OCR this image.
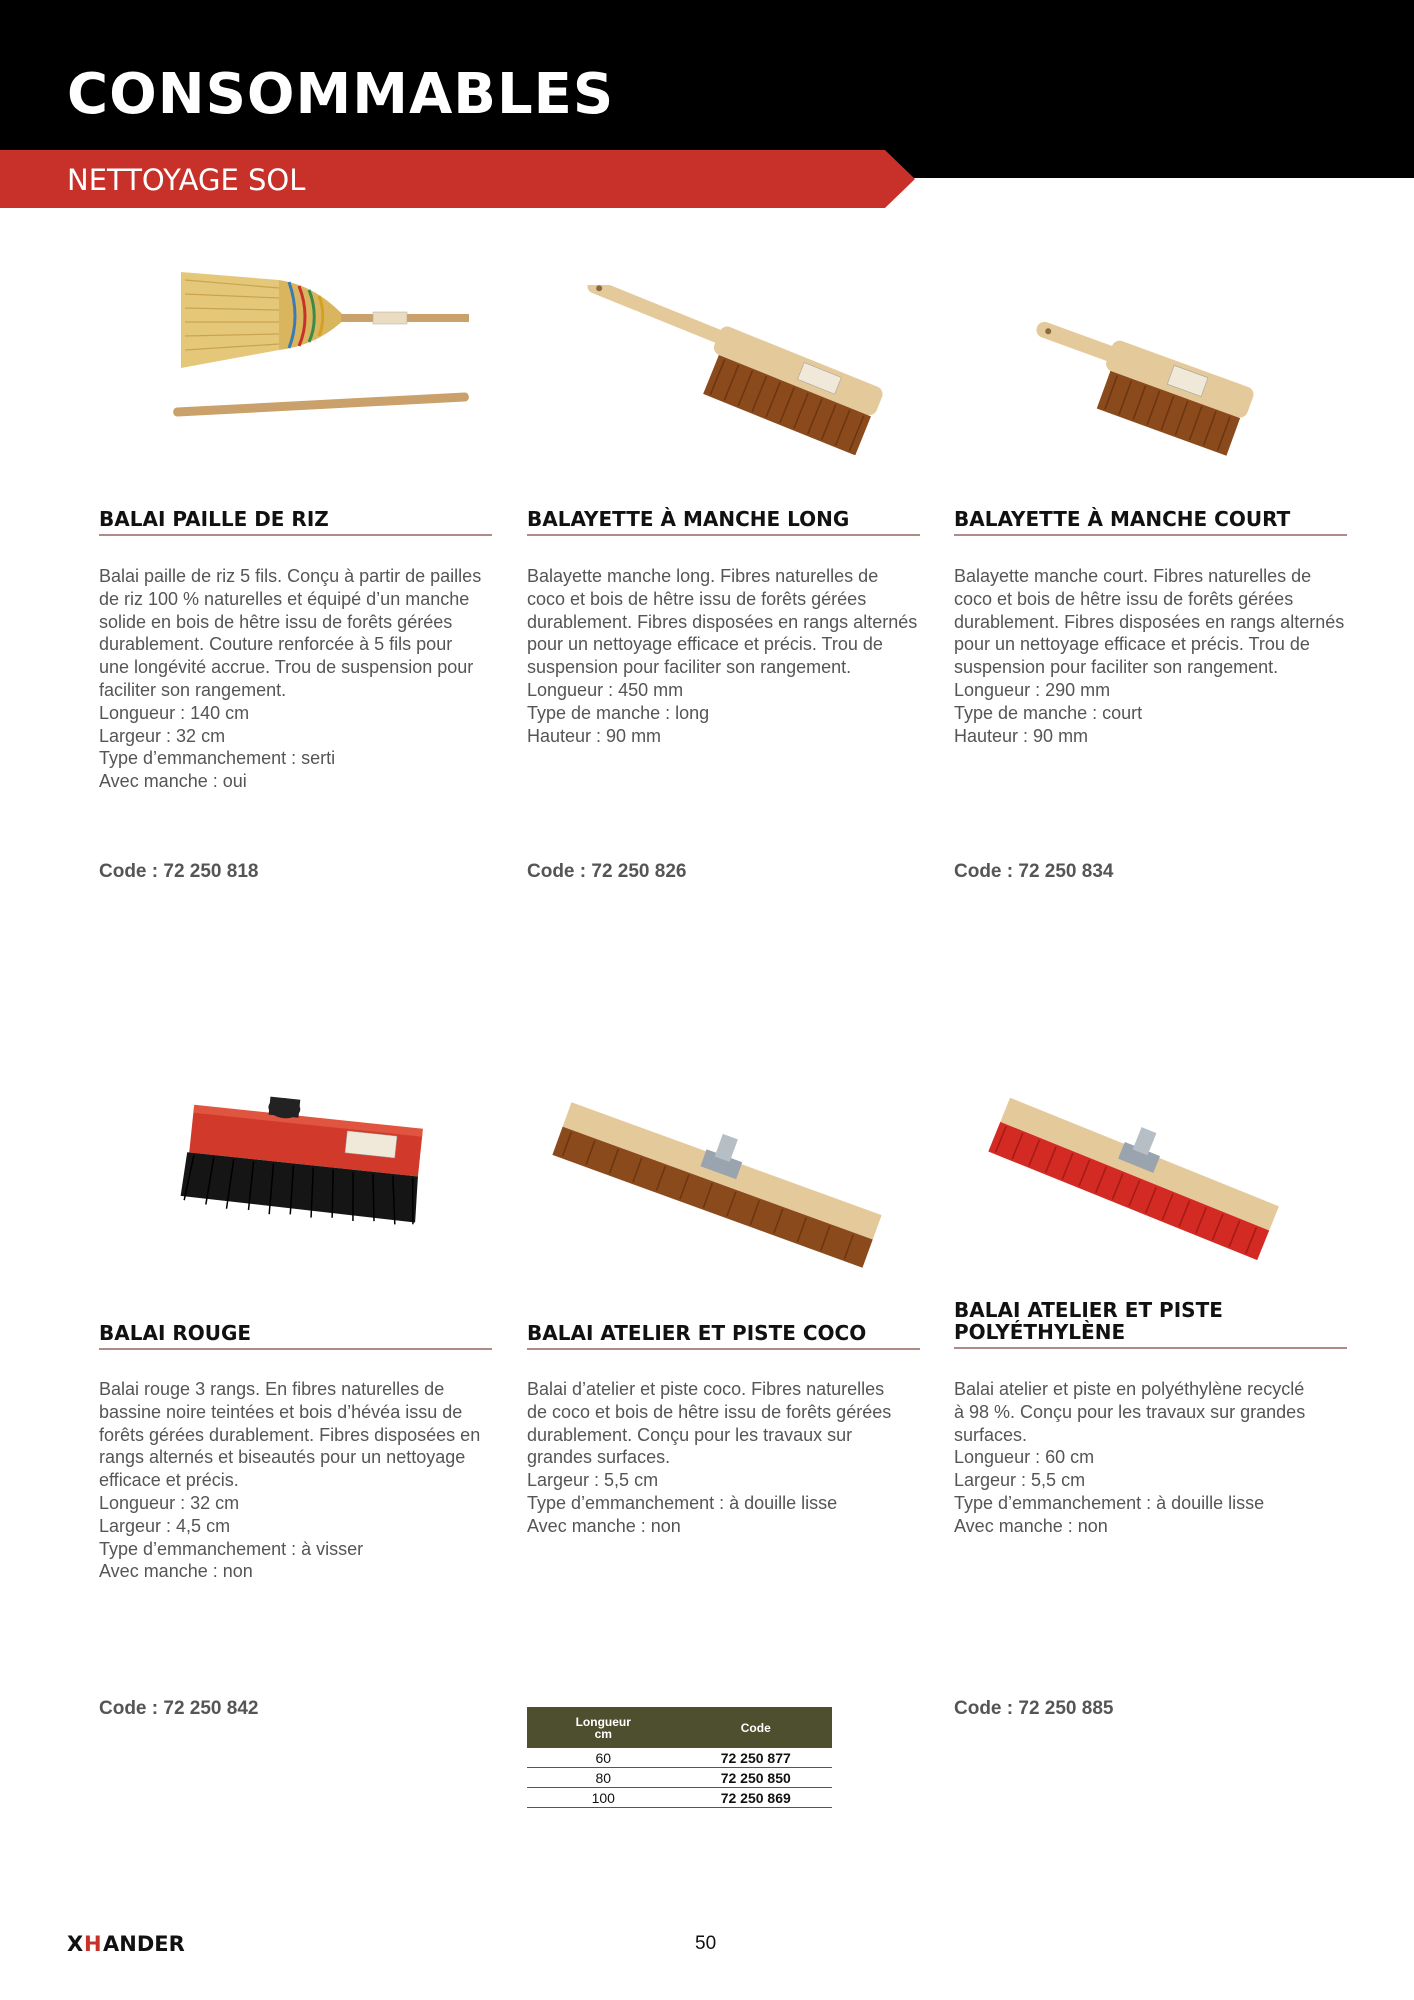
CONSOMMABLES
NETTOYAGE SOL
BALAI PAILLE DE RIZ

Balai paille de riz 5 fils. Conçu à partir de pailles
de riz 100 % naturelles et équipé d’un manche
solide en bois de hêtre issu de forêts gérées
durablement. Couture renforcée à 5 fils pour
une longévité accrue. Trou de suspension pour
faciliter son rangement.
Longueur : 140 cm
Largeur : 32 cm
Type d’emmanchement : serti
Avec manche : oui

Code : 72 250 818

BALAYETTE À MANCHE LONG

Balayette manche long. Fibres naturelles de
coco et bois de hêtre issu de forêts gérées
durablement. Fibres disposées en rangs alternés
pour un nettoyage efficace et précis. Trou de
suspension pour faciliter son rangement.
Longueur : 450 mm
Type de manche : long
Hauteur : 90 mm

Code : 72 250 826

BALAYETTE À MANCHE COURT

Balayette manche court. Fibres naturelles de
coco et bois de hêtre issu de forêts gérées
durablement. Fibres disposées en rangs alternés
pour un nettoyage efficace et précis. Trou de
suspension pour faciliter son rangement.
Longueur : 290 mm
Type de manche : court
Hauteur : 90 mm

Code : 72 250 834

BALAI ROUGE

Balai rouge 3 rangs. En fibres naturelles de
bassine noire teintées et bois d’hévéa issu de
forêts gérées durablement. Fibres disposées en
rangs alternés et biseautés pour un nettoyage
efficace et précis.
Longueur : 32 cm
Largeur : 4,5 cm
Type d’emmanchement : à visser
Avec manche : non

Code : 72 250 842

BALAI ATELIER ET PISTE COCO

Balai d’atelier et piste coco. Fibres naturelles
de coco et bois de hêtre issu de forêts gérées
durablement. Conçu pour les travaux sur
grandes surfaces.
Largeur : 5,5 cm
Type d’emmanchement : à douille lisse
Avec manche : non

Longueur
cm	Code
60	72 250 877
80	72 250 850
100	72 250 869
BALAI ATELIER ET PISTE
POLYÉTHYLÈNE

Balai atelier et piste en polyéthylène recyclé
à 98 %. Conçu pour les travaux sur grandes
surfaces.
Longueur : 60 cm
Largeur : 5,5 cm
Type d’emmanchement : à douille lisse
Avec manche : non

Code : 72 250 885

X H ANDER	50
